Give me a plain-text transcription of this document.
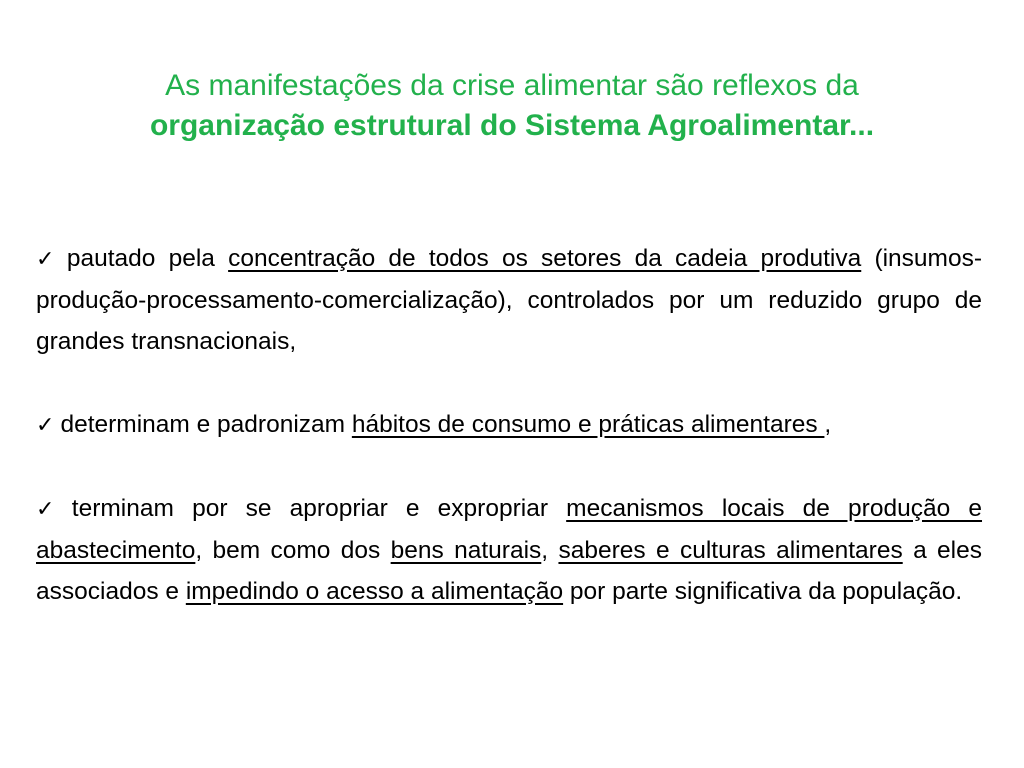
As manifestações da crise alimentar são reflexos da
organização estrutural do Sistema Agroalimentar...

✓ pautado pela concentração de todos os setores da cadeia produtiva (insumos-produção-processamento-comercialização), controlados por um reduzido grupo de grandes transnacionais,

✓ determinam e padronizam hábitos de consumo e práticas alimentares ,

✓ terminam por se apropriar e expropriar mecanismos locais de produção e abastecimento, bem como dos bens naturais, saberes e culturas alimentares a eles associados e impedindo o acesso a alimentação por parte significativa da população.
